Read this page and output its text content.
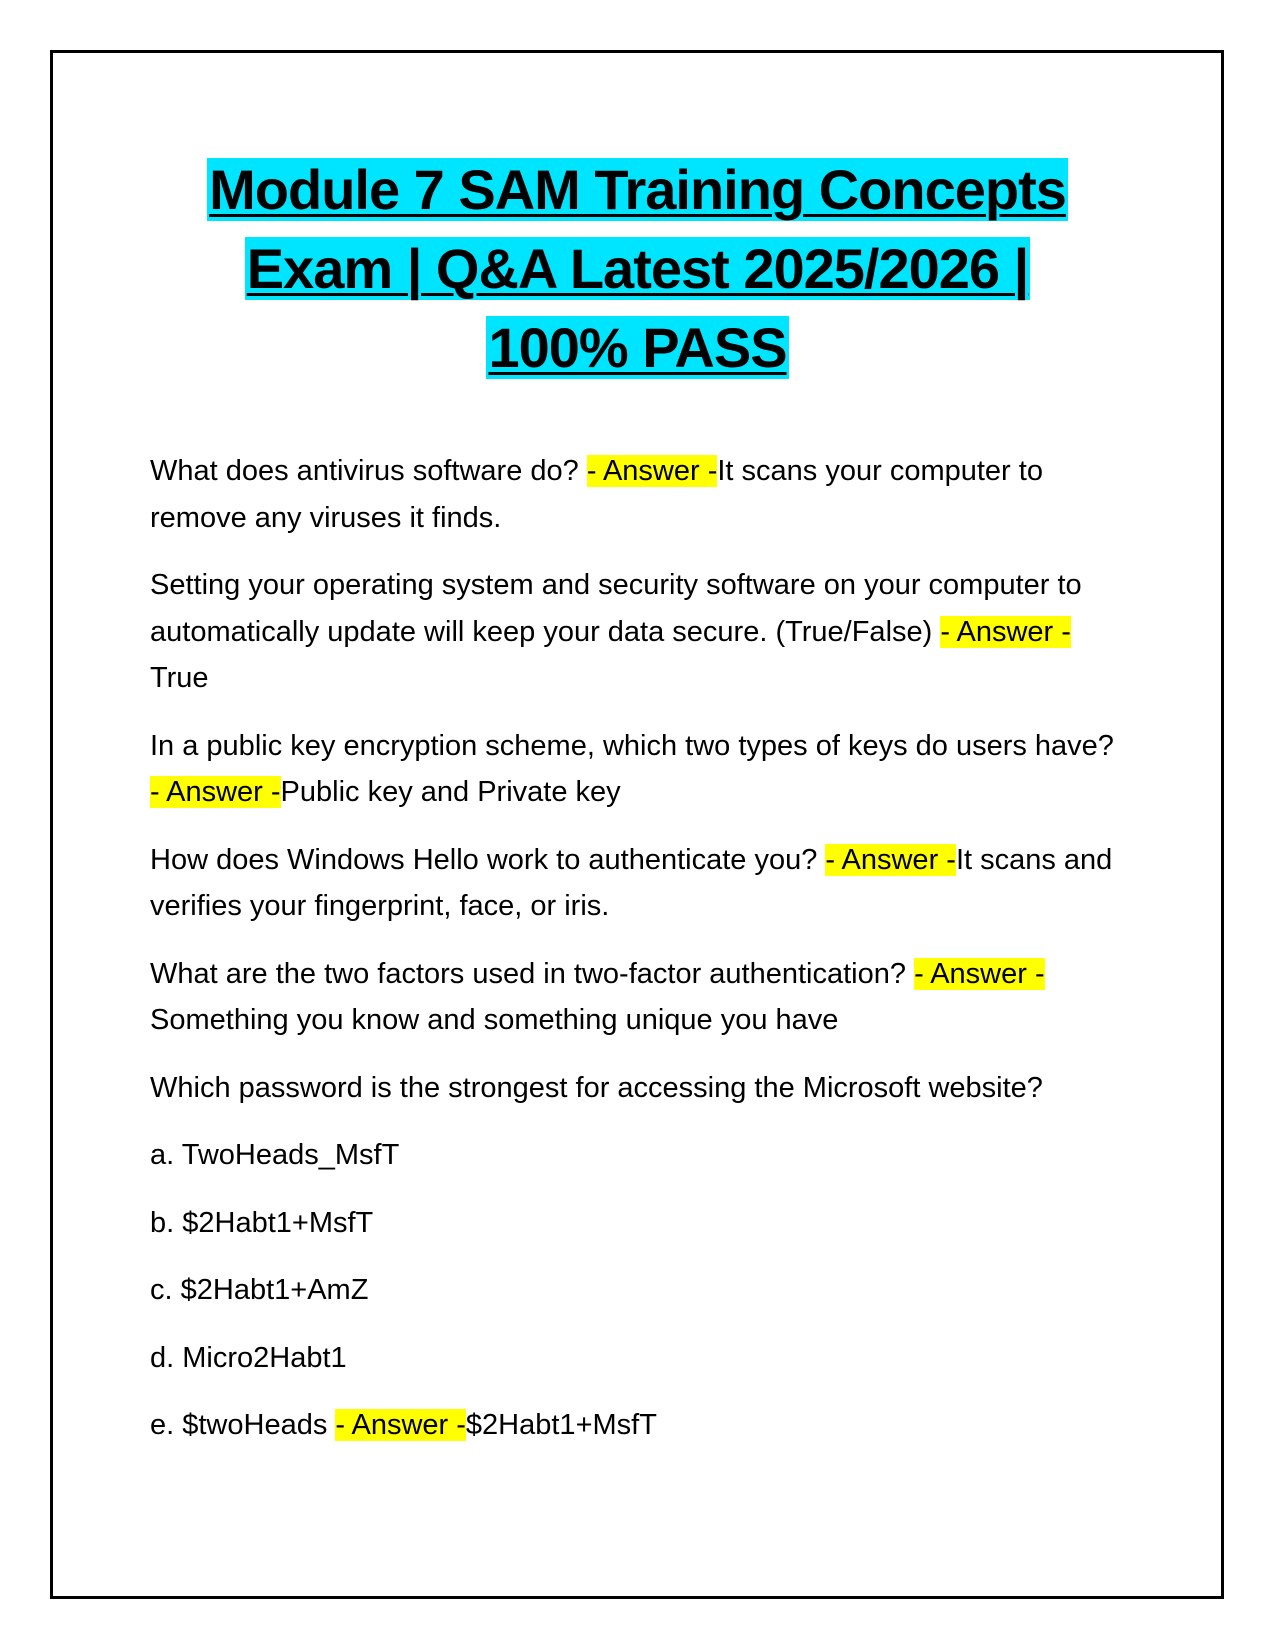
Module 7 SAM Training Concepts
Exam | Q&A Latest 2025/2026 |
100% PASS

What does antivirus software do? - Answer -It scans your computer to remove any viruses it finds.

Setting your operating system and security software on your computer to automatically update will keep your data secure. (True/False) - Answer -True

In a public key encryption scheme, which two types of keys do users have? - Answer -Public key and Private key

How does Windows Hello work to authenticate you? - Answer -It scans and verifies your fingerprint, face, or iris.

What are the two factors used in two-factor authentication? - Answer -Something you know and something unique you have

Which password is the strongest for accessing the Microsoft website?

a. TwoHeads_MsfT

b. $2Habt1+MsfT

c. $2Habt1+AmZ

d. Micro2Habt1

e. $twoHeads - Answer -$2Habt1+MsfT
